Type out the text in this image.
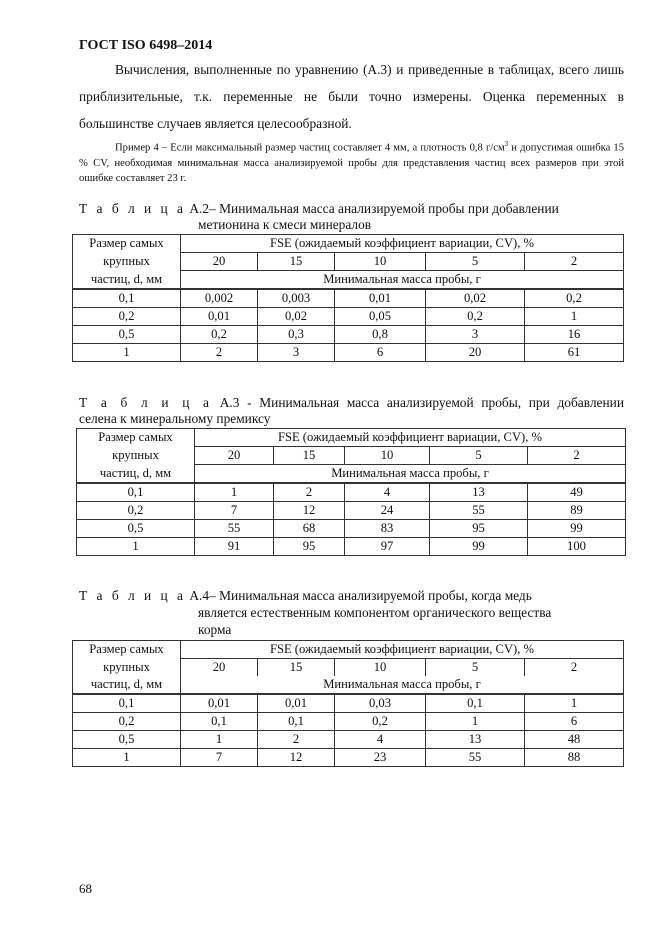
ГОСТ ISO 6498–2014
Вычисления, выполненные по уравнению (А.3) и приведенные в таблицах, всего лишь приблизительные, т.к. переменные не были точно измерены. Оценка переменных в большинстве случаев является целесообразной.
Пример 4 – Если максимальный размер частиц составляет 4 мм, а плотность 0,8 $г/см^3$ и допустимая ошибка 15 % CV, необходимая минимальная масса анализируемой пробы для представления частиц всех размеров при этой ошибке составляет 23 г.
Т а б л и ц а А.2– Минимальная масса анализируемой пробы при добавлении
метионина к смеси минералов
Размер самых	FSE (ожидаемый коэффициент вариации, CV), %				
крупных	20	15	10	5	2
частиц, d, мм	Минимальная масса пробы, г				
0,1	0,002	0,003	0,01	0,02	0,2
0,2	0,01	0,02	0,05	0,2	1
0,5	0,2	0,3	0,8	3	16
1	2	3	6	20	61
Т а б л и ц а А.3 - Минимальная масса анализируемой пробы, при добавлении
селена к минеральному премиксу
Размер самых	FSE (ожидаемый коэффициент вариации, CV), %				
крупных	20	15	10	5	2
частиц, d, мм	Минимальная масса пробы, г				
0,1	1	2	4	13	49
0,2	7	12	24	55	89
0,5	55	68	83	95	99
1	91	95	97	99	100
Т а б л и ц а А.4– Минимальная масса анализируемой пробы, когда медь
является естественным компонентом органического вещества
корма
Размер самых	FSE (ожидаемый коэффициент вариации, CV), %				
крупных	20	15	10	5	2
частиц, d, мм	Минимальная масса пробы, г				
0,1	0,01	0,01	0,03	0,1	1
0,2	0,1	0,1	0,2	1	6
0,5	1	2	4	13	48
1	7	12	23	55	88
68
